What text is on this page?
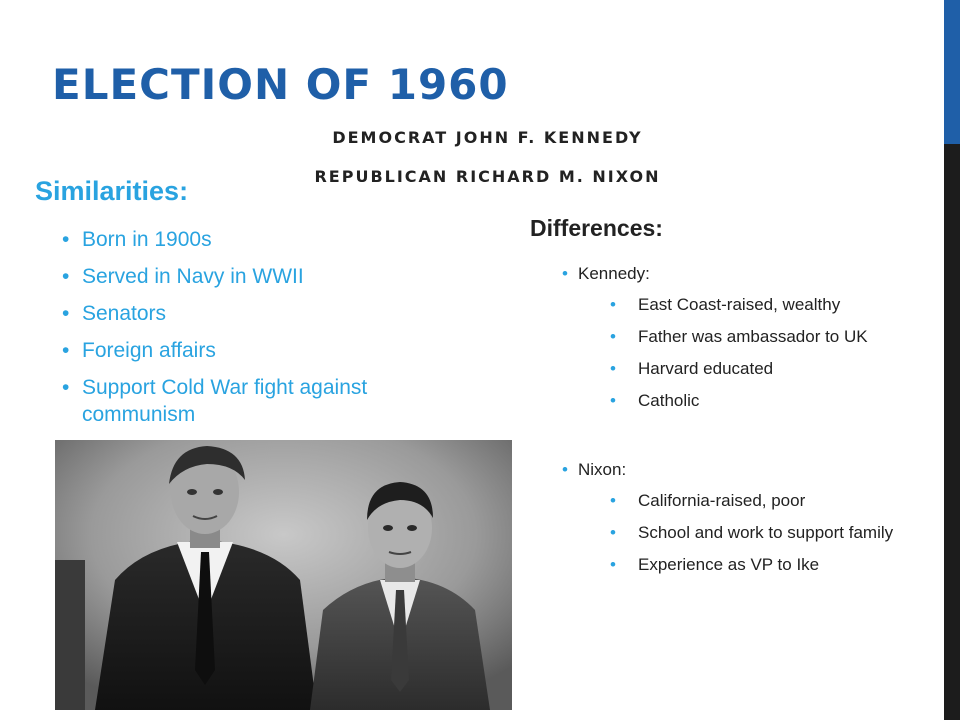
ELECTION OF 1960
DEMOCRAT JOHN F. KENNEDY
REPUBLICAN RICHARD M. NIXON
Similarities:
• Born in 1900s
• Served in Navy in WWII
• Senators
• Foreign affairs
• Support Cold War fight against communism
Differences:
• Kennedy:
• East Coast-raised, wealthy
• Father was ambassador to UK
• Harvard educated
• Catholic
• Nixon:
• California-raised, poor
• School and work to support family
• Experience as VP to Ike
